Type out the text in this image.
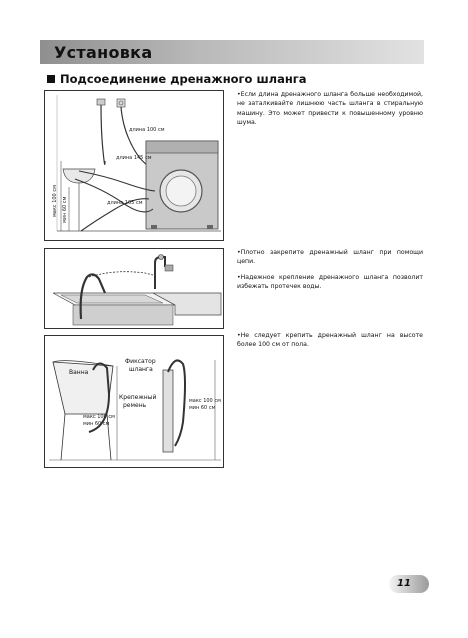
Установка
Подсоединение дренажного шланга
длина 100 см
длина 145 см
длина 105 см
макс 100 см мин 60 см
Ванна
Фиксатор
шланга
Крепежный
ремень
макс 100 см
мин 60 см
макс 100 см
мин 60 см

• Если длина дренажного шланга больше необходимой, не заталкивайте лишнюю часть шланга в стиральную машину. Это может привести к повышенному уровню шума.

• Плотно закрепите дренажный шланг при помощи цепи.

• Надежное крепление дренажного шланга позволит избежать протечек воды.

• Не следует крепить дренажный шланг на высоте более 100 см от пола.

11
